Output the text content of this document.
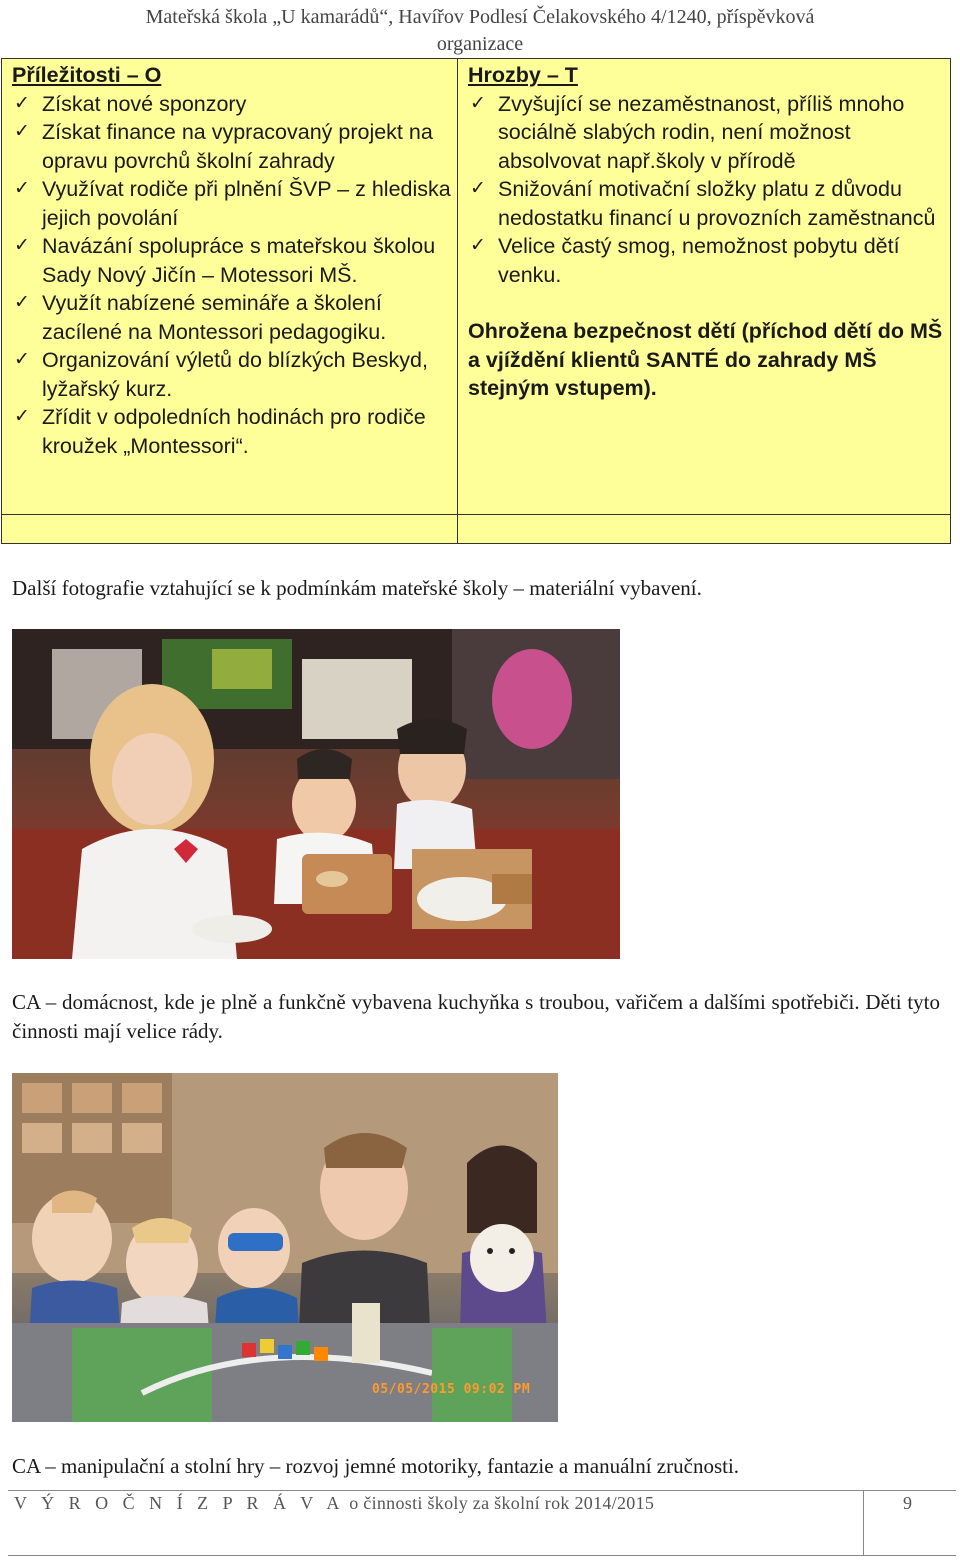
Mateřská škola „U kamarádů“, Havířov Podlesí Čelakovského 4/1240, příspěvková
organizace
Příležitosti – O
✓ Získat nové sponzory
✓ Získat finance na vypracovaný projekt na opravu povrchů školní zahrady
✓ Využívat rodiče při plnění ŠVP – z hlediska jejich povolání
✓ Navázání spolupráce s mateřskou školou Sady Nový Jičín – Motessori MŠ.
✓ Využít nabízené semináře a školení zacílené na Montessori pedagogiku.
✓ Organizování výletů do blízkých Beskyd, lyžařský kurz.
✓ Zřídit v odpoledních hodinách pro rodiče kroužek „Montessori“.
Hrozby – T
✓ Zvyšující se nezaměstnanost, příliš mnoho sociálně slabých rodin, není možnost absolvovat např.školy v přírodě
✓ Snižování motivační složky platu z důvodu nedostatku financí u provozních zaměstnanců
✓ Velice častý smog, nemožnost pobytu dětí venku.

Ohrožena bezpečnost dětí (příchod dětí do MŠ a vjíždění klientů SANTÉ do zahrady MŠ stejným vstupem).

Další fotografie vztahující se k podmínkám mateřské školy – materiální vybavení.

CA – domácnost, kde je plně a funkčně vybavena kuchyňka s troubou, vařičem a dalšími spotřebiči. Děti tyto činnosti mají velice rády.

05/05/2015 09:02 PM

CA – manipulační a stolní hry – rozvoj jemné motoriky, fantazie a manuální zručnosti.

V Ý R O Č N Í Z P R Á V A o činnosti školy za školní rok 2014/2015	9
